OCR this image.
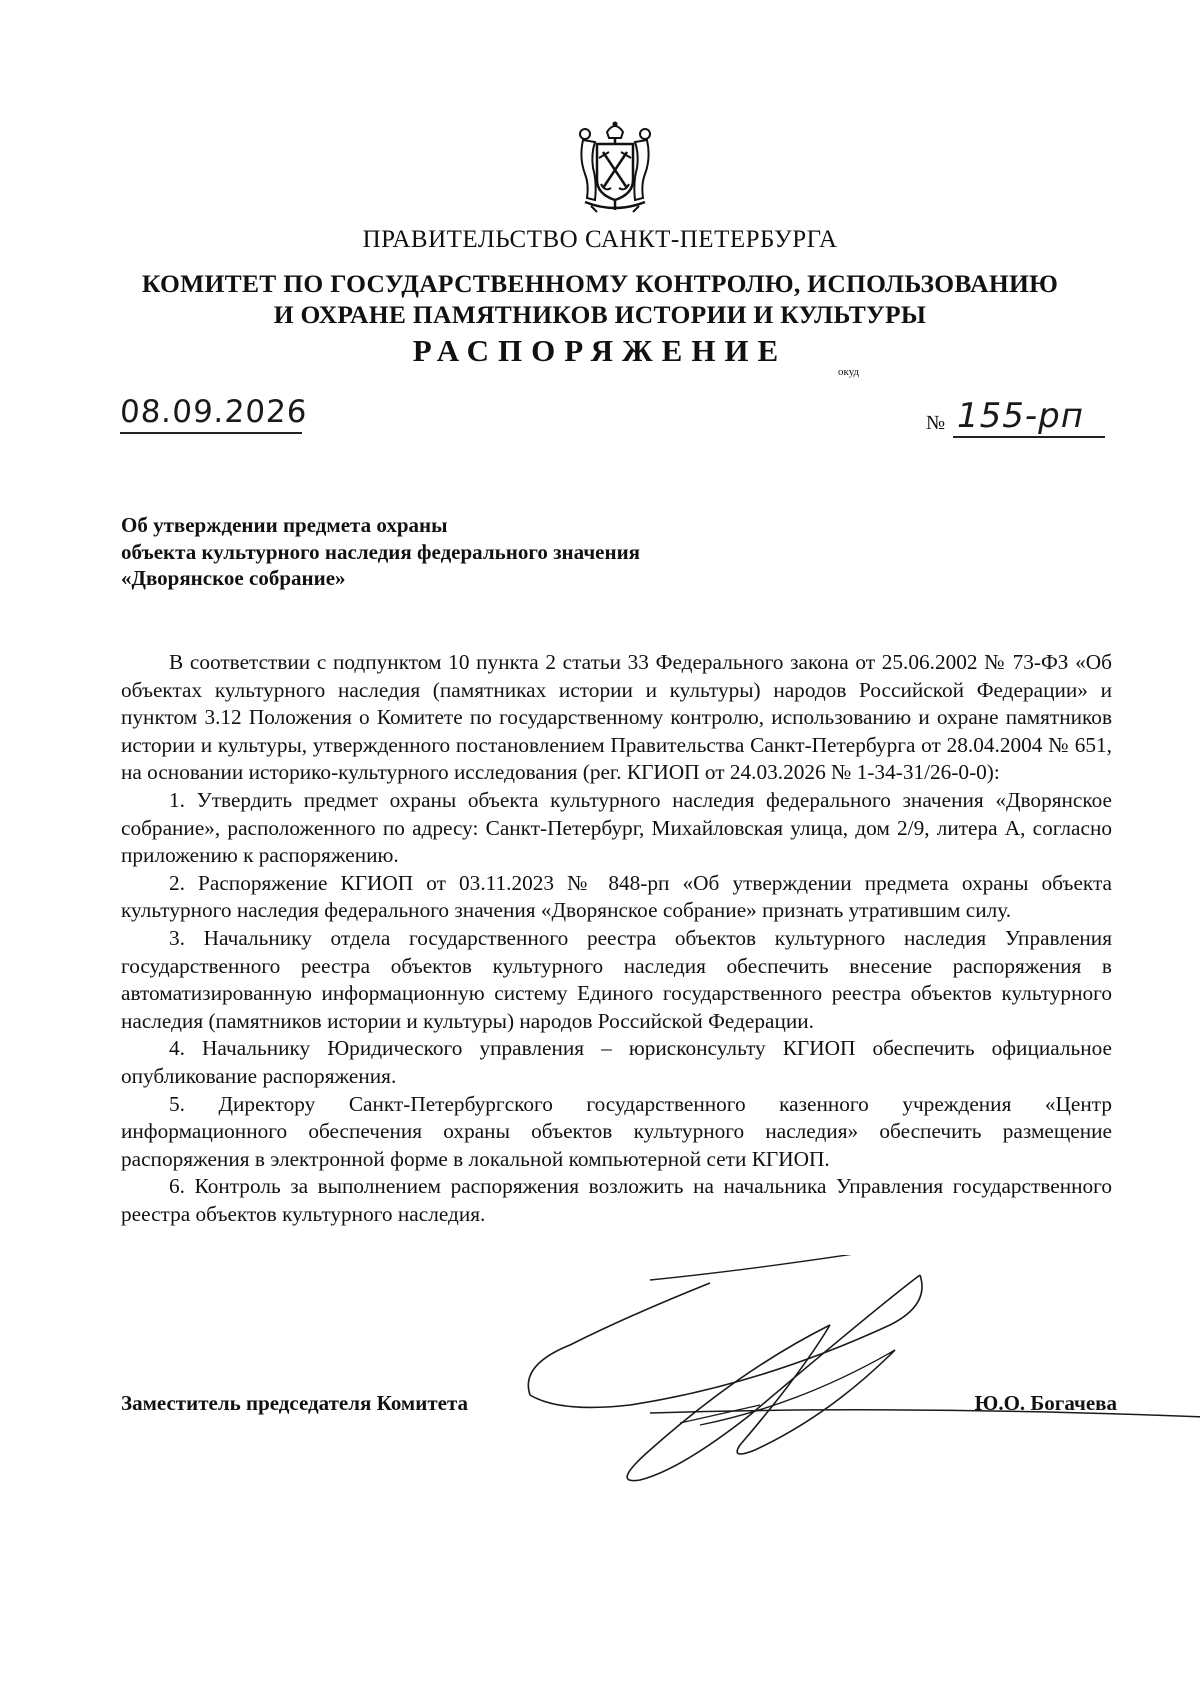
ПРАВИТЕЛЬСТВО САНКТ-ПЕТЕРБУРГА
КОМИТЕТ ПО ГОСУДАРСТВЕННОМУ КОНТРОЛЮ, ИСПОЛЬЗОВАНИЮ
И ОХРАНЕ ПАМЯТНИКОВ ИСТОРИИ И КУЛЬТУРЫ
РАСПОРЯЖЕНИЕ
окуд
08.09.2026	№ 155-рп
Об утверждении предмета охраны
объекта культурного наследия федерального значения
«Дворянское собрание»

В соответствии с подпунктом 10 пункта 2 статьи 33 Федерального закона от 25.06.2002 № 73-ФЗ «Об объектах культурного наследия (памятниках истории и культуры) народов Российской Федерации» и пунктом 3.12 Положения о Комитете по государственному контролю, использованию и охране памятников истории и культуры, утвержденного постановлением Правительства Санкт-Петербурга от 28.04.2004 № 651, на основании историко-культурного исследования (рег. КГИОП от 24.03.2026 № 1-34-31/26-0-0):

1. Утвердить предмет охраны объекта культурного наследия федерального значения «Дворянское собрание», расположенного по адресу: Санкт-Петербург, Михайловская улица, дом 2/9, литера А, согласно приложению к распоряжению.

2. Распоряжение КГИОП от 03.11.2023 № 848-рп «Об утверждении предмета охраны объекта культурного наследия федерального значения «Дворянское собрание» признать утратившим силу.

3. Начальнику отдела государственного реестра объектов культурного наследия Управления государственного реестра объектов культурного наследия обеспечить внесение распоряжения в автоматизированную информационную систему Единого государственного реестра объектов культурного наследия (памятников истории и культуры) народов Российской Федерации.

4. Начальнику Юридического управления – юрисконсульту КГИОП обеспечить официальное опубликование распоряжения.

5. Директору Санкт-Петербургского государственного казенного учреждения «Центр информационного обеспечения охраны объектов культурного наследия» обеспечить размещение распоряжения в электронной форме в локальной компьютерной сети КГИОП.

6. Контроль за выполнением распоряжения возложить на начальника Управления государственного реестра объектов культурного наследия.

Заместитель председателя Комитета	Ю.О. Богачева
